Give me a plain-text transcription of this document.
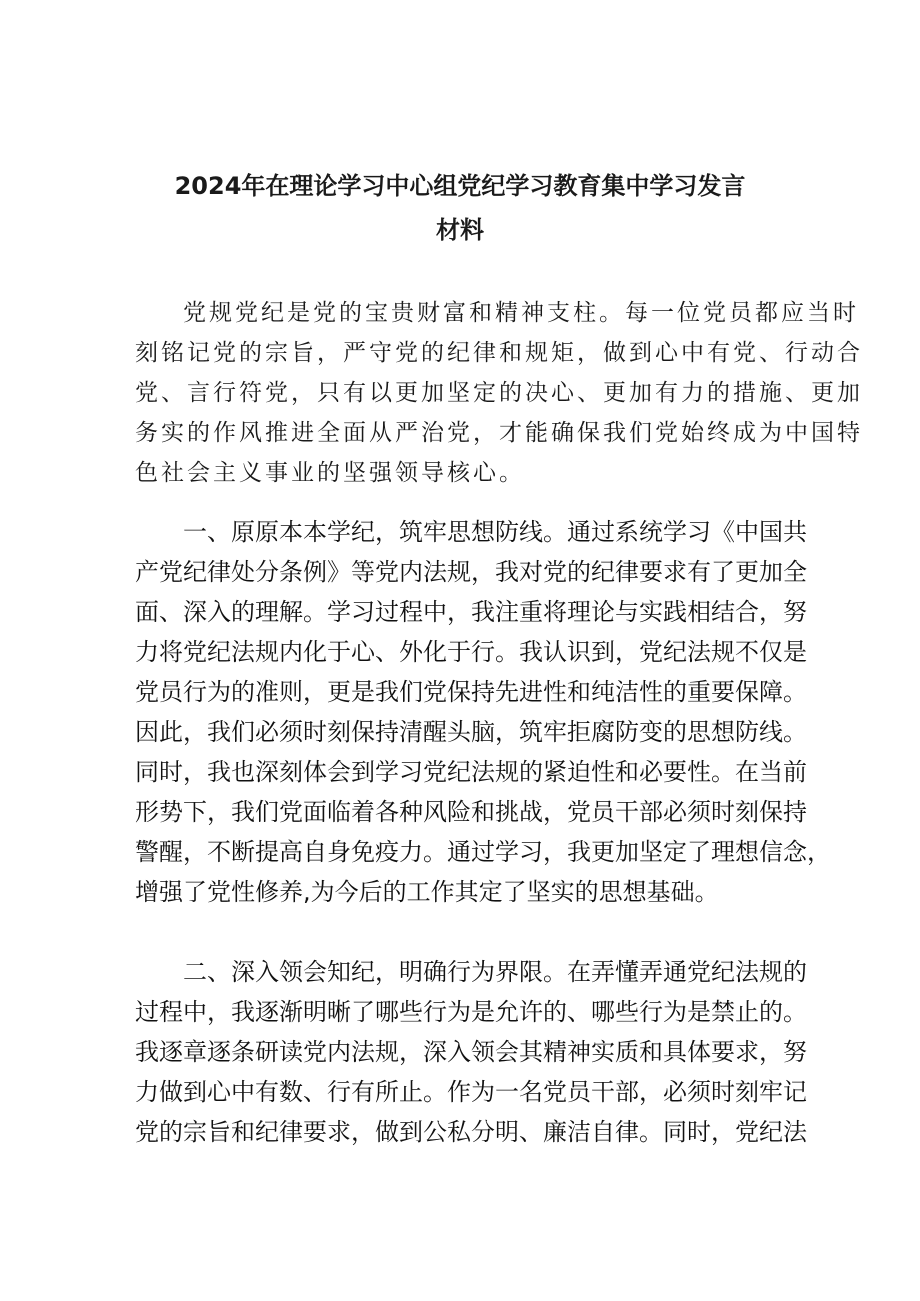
2024年在理论学习中心组党纪学习教育集中学习发言
材料
党规党纪是党的宝贵财富和精神支柱。每一位党员都应当时
刻铭记党的宗旨，严守党的纪律和规矩，做到心中有党、行动合
党、言行符党，只有以更加坚定的决心、更加有力的措施、更加
务实的作风推进全面从严治党，才能确保我们党始终成为中国特
色社会主义事业的坚强领导核心。
一、原原本本学纪，筑牢思想防线。通过系统学习《中国共
产党纪律处分条例》等党内法规，我对党的纪律要求有了更加全
面、深入的理解。学习过程中，我注重将理论与实践相结合，努
力将党纪法规内化于心、外化于行。我认识到，党纪法规不仅是
党员行为的准则，更是我们党保持先进性和纯洁性的重要保障。
因此，我们必须时刻保持清醒头脑，筑牢拒腐防变的思想防线。
同时，我也深刻体会到学习党纪法规的紧迫性和必要性。在当前
形势下，我们党面临着各种风险和挑战，党员干部必须时刻保持
警醒，不断提高自身免疫力。通过学习，我更加坚定了理想信念，
增强了党性修养,为今后的工作其定了坚实的思想基础。
二、深入领会知纪，明确行为界限。在弄懂弄通党纪法规的
过程中，我逐渐明晰了哪些行为是允许的、哪些行为是禁止的。
我逐章逐条研读党内法规，深入领会其精神实质和具体要求，努
力做到心中有数、行有所止。作为一名党员干部，必须时刻牢记
党的宗旨和纪律要求，做到公私分明、廉洁自律。同时，党纪法
